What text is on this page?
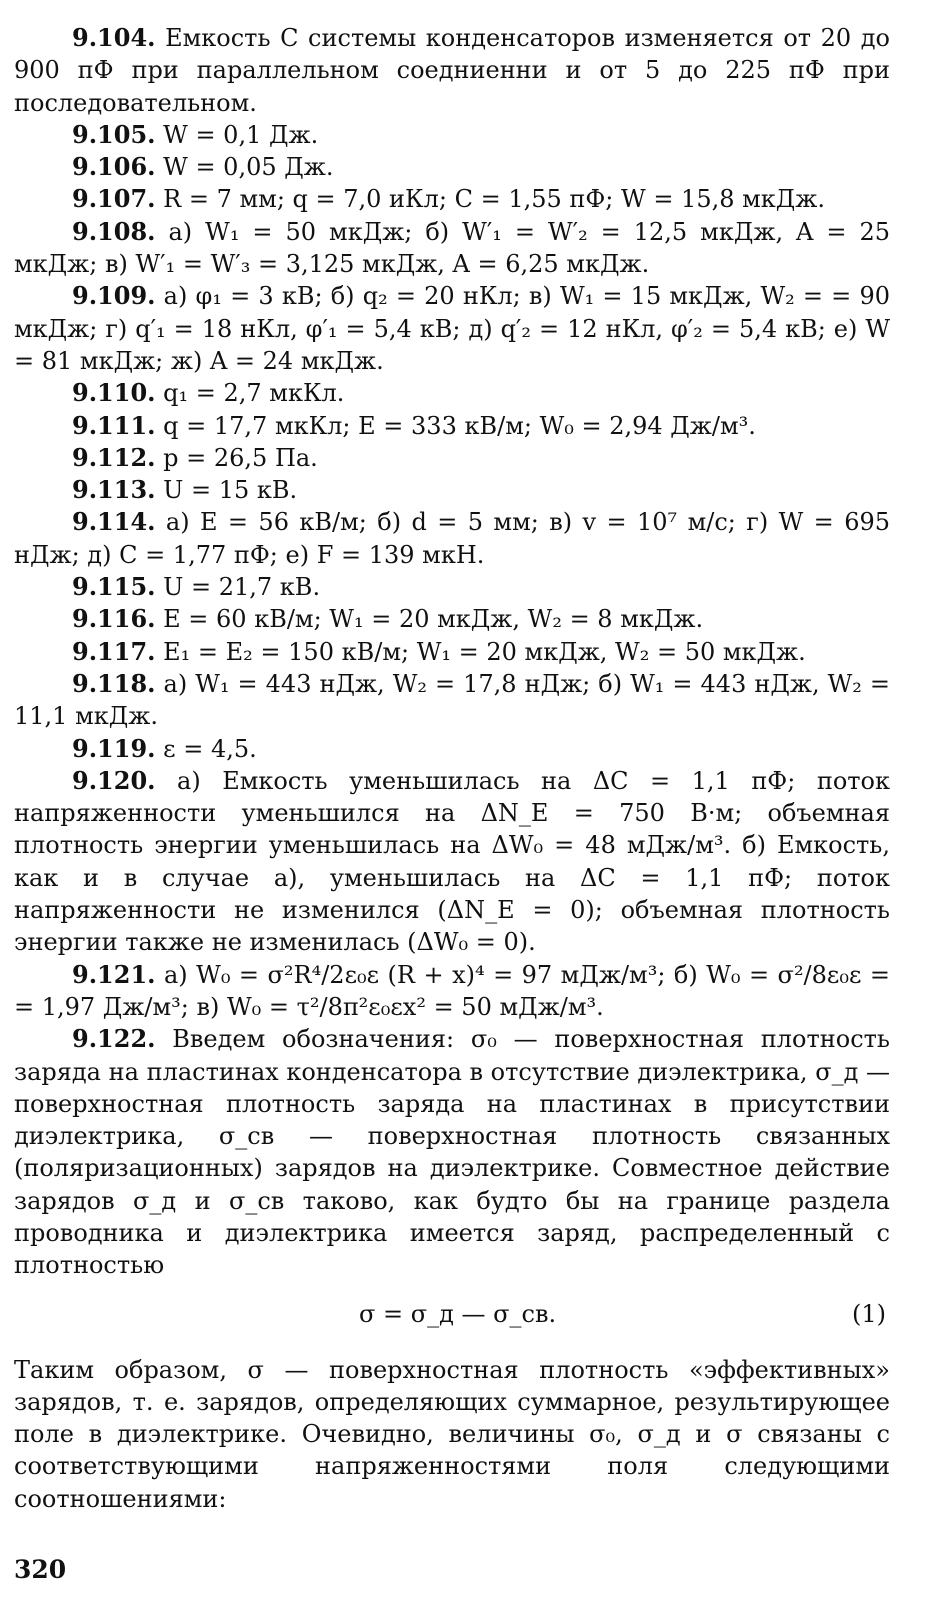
9.104. Емкость C системы конденсаторов изменяется от 20 до 900 пФ при параллельном соедниенни и от 5 до 225 пФ при последовательном.

9.105. W = 0,1 Дж.

9.106. W = 0,05 Дж.

9.107. R = 7 мм; q = 7,0 иКл; C = 1,55 пФ; W = 15,8 мкДж.

9.108. а) W₁ = 50 мкДж; б) W′₁ = W′₂ = 12,5 мкДж, A = 25 мкДж; в) W′₁ = W′₃ = 3,125 мкДж, A = 6,25 мкДж.

9.109. а) φ₁ = 3 кВ; б) q₂ = 20 нКл; в) W₁ = 15 мкДж, W₂ = = 90 мкДж; г) q′₁ = 18 нКл, φ′₁ = 5,4 кВ; д) q′₂ = 12 нКл, φ′₂ = 5,4 кВ; е) W = 81 мкДж; ж) A = 24 мкДж.

9.110. q₁ = 2,7 мкКл.

9.111. q = 17,7 мкКл; E = 333 кВ/м; W₀ = 2,94 Дж/м³.

9.112. p = 26,5 Па.

9.113. U = 15 кВ.

9.114. а) E = 56 кВ/м; б) d = 5 мм; в) v = 10⁷ м/с; г) W = 695 нДж; д) C = 1,77 пФ; е) F = 139 мкН.

9.115. U = 21,7 кВ.

9.116. E = 60 кВ/м; W₁ = 20 мкДж, W₂ = 8 мкДж.

9.117. E₁ = E₂ = 150 кВ/м; W₁ = 20 мкДж, W₂ = 50 мкДж.

9.118. а) W₁ = 443 нДж, W₂ = 17,8 нДж; б) W₁ = 443 нДж, W₂ = 11,1 мкДж.

9.119. ε = 4,5.

9.120. а) Емкость уменьшилась на ΔC = 1,1 пФ; поток напряженности уменьшился на ΔN_E = 750 В·м; объемная плотность энергии уменьшилась на ΔW₀ = 48 мДж/м³. б) Емкость, как и в случае а), уменьшилась на ΔC = 1,1 пФ; поток напряженности не изменился (ΔN_E = 0); объемная плотность энергии также не изменилась (ΔW₀ = 0).

9.121. а) W₀ = σ²R⁴/2ε₀ε (R + x)⁴ = 97 мДж/м³; б) W₀ = σ²/8ε₀ε = = 1,97 Дж/м³; в) W₀ = τ²/8π²ε₀εx² = 50 мДж/м³.

9.122. Введем обозначения: σ₀ — поверхностная плотность заряда на пластинах конденсатора в отсутствие диэлектрика, σ_д — поверхностная плотность заряда на пластинах в присутствии диэлектрика, σ_св — поверхностная плотность связанных (поляризационных) зарядов на диэлектрике. Совместное действие зарядов σ_д и σ_св таково, как будто бы на границе раздела проводника и диэлектрика имеется заряд, распределенный с плотностью

σ = σ_д — σ_св.	(1)

Таким образом, σ — поверхностная плотность «эффективных» зарядов, т. е. зарядов, определяющих суммарное, результирующее поле в диэлектрике. Очевидно, величины σ₀, σ_д и σ связаны с соответствующими напряженностями поля следующими соотношениями:

320
